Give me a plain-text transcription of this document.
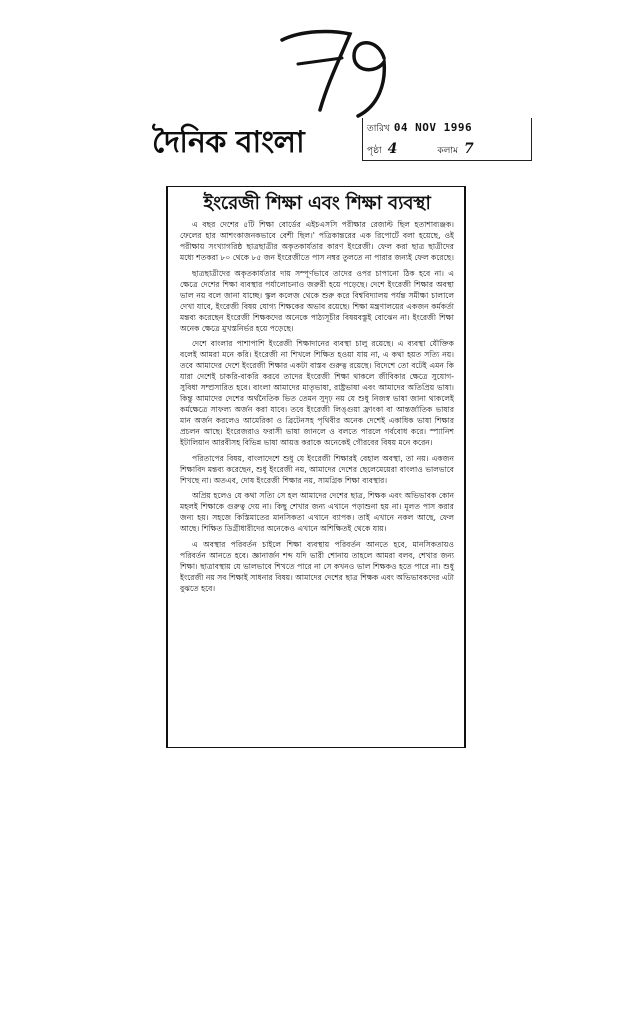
দৈনিক বাংলা	তারিখ 04 NOV 1996
পৃষ্ঠা 4	কলাম 7
ইংরেজী শিক্ষা এবং শিক্ষা ব্যবস্থা

এ বছর দেশের ৫টি শিক্ষা বোর্ডের এইচএসসি পরীক্ষার রেজাল্ট ছিল হতাশাব্যঞ্জক। ফেলের হার আশংকাজনকভাবে বেশী ছিল।' পত্রিকান্তরের এক রিপোর্টে বলা হয়েছে, ওই পরীক্ষায় সংখ্যাগরিষ্ঠ ছাত্রছাত্রীর অকৃতকার্যতার কারণ ইংরেজী। ফেল করা ছাত্র ছাত্রীদের মধ্যে শতকরা ৮০ থেকে ৮৫ জন ইংরেজীতে পাস নম্বর তুলতে না পারার জন্যই ফেল করেছে।

ছাত্রছাত্রীদের অকৃতকার্যতার দায় সম্পূর্ণভাবে তাদের ওপর চাপানো ঠিক হবে না। এ ক্ষেত্রে দেশের শিক্ষা ব্যবস্থার পর্যালোচনাও জরুরী হয়ে পড়েছে। দেশে ইংরেজী শিক্ষার অবস্থা ভাল নয় বলে জানা যাচ্ছে। স্কুল কলেজ থেকে শুরু করে বিশ্ববিদ্যালয় পর্যন্ত সমীক্ষা চালালে দেখা যাবে, ইংরেজী বিষয় যোগ্য শিক্ষকের অভাব রয়েছে। শিক্ষা মন্ত্রণালয়ের একজন কর্মকর্তা মন্তব্য করেছেন ইংরেজী শিক্ষকদের অনেকে পাঠ্যসূচীর বিষয়বস্তুই বোঝেন না। ইংরেজী শিক্ষা অনেক ক্ষেত্রে মুখস্তনির্ভর হয়ে পড়েছে।

দেশে বাংলার পাশাপাশি ইংরেজী শিক্ষাদানের ব্যবস্থা চালু রয়েছে। এ ব্যবস্থা যৌক্তিক বলেই আমরা মনে করি। ইংরেজী না শিখলে শিক্ষিত হওয়া যায় না, এ কথা হয়ত সত্যি নয়। তবে আমাদের দেশে ইংরেজী শিক্ষার একটা বাস্তব গুরুত্ব রয়েছে। বিদেশে তো বটেই এমন কি যারা দেশেই চাকরি-বাকরি করবে তাদের ইংরেজী শিক্ষা থাকলে জীবিকার ক্ষেত্রে সুযোগ-সুবিধা সম্প্রসারিত হবে। বাংলা আমাদের মাতৃভাষা, রাষ্ট্রভাষা এবং আমাদের অতিপ্রিয় ভাষা। কিন্তু আমাদের দেশের অর্থনৈতিক ভিত তেমন সুদৃঢ় নয় যে শুধু নিজস্ব ভাষা জানা থাকলেই কর্মক্ষেত্রে সাফল্য অর্জন করা যাবে। তবে ইংরেজী লিঙ্গুয়া ফ্রাংকা বা আন্তর্জাতিক ভাষার মান অর্জন করলেও আমেরিকা ও ব্রিটেনসহ পৃথিবীর অনেক দেশেই একাধিক ভাষা শিক্ষার প্রচলন আছে। ইংরেজরাও ফরাসী ভাষা জানলে ও বলতে পারলে গর্ববোধ করে। স্প্যানিশ ইটালিয়ান আরবীসহ বিভিন্ন ভাষা আয়ত্ত করাকে অনেকেই গৌরবের বিষয় মনে করেন।

পরিতাপের বিষয়, বাংলাদেশে শুধু যে ইংরেজী শিক্ষারই বেহাল অবস্থা, তা নয়। একজন শিক্ষাবিদ মন্তব্য করেছেন, শুধু ইংরেজী নয়, আমাদের দেশের ছেলেমেয়েরা বাংলাও ভালভাবে শিখছে না। অতএব, দোষ ইংরেজী শিক্ষার নয়, সামগ্রিক শিক্ষা ব্যবস্থার।

অপ্রিয় হলেও যে কথা সত্যি সে হল আমাদের দেশের ছাত্র, শিক্ষক এবং অভিভাবক কোন মহলই শিক্ষাকে গুরুত্ব দেয় না। কিছু শেখার জন্য এখানে পড়াশুনা হয় না। মূলত পাস করার জন্য হয়। সহজে কিস্তিমাতের মানসিকতা এখানে ব্যাপক। তাই এখানে নকল আছে, ফেল আছে। শিক্ষিত ডিগ্রীধারীদের অনেকেও এখানে অশিক্ষিতই থেকে যায়।

এ অবস্থার পরিবর্তন চাইলে শিক্ষা ব্যবস্থায় পরিবর্তন আনতে হবে, মানসিকতায়ও পরিবর্তন আনতে হবে। জ্ঞানার্জন শব্দ যদি ভারী শোনায় তাহলে আমরা বলব, শেখার জন্য শিক্ষা। ছাত্রাবস্থায় যে ভালভাবে শিখতে পারে না সে কখনও ভাল শিক্ষকও হতে পারে না। শুধু ইংরেজী নয় সব শিক্ষাই সাধনার বিষয়। আমাদের দেশের ছাত্র শিক্ষক এবং অভিভাবকদের এটা বুঝতে হবে।
